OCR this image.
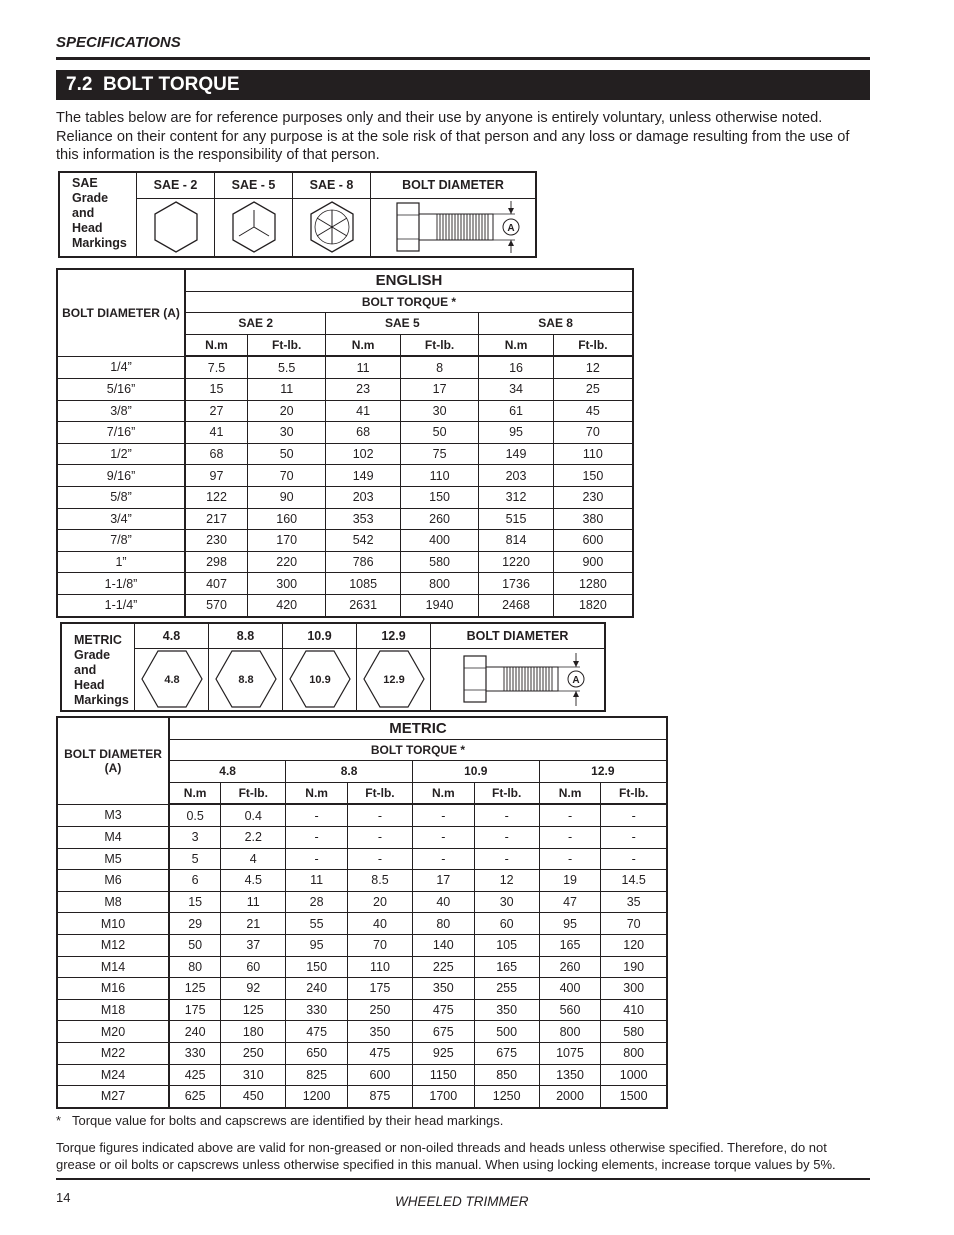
SPECIFICATIONS
7.2  BOLT TORQUE
The tables below are for reference purposes only and their use by anyone is entirely voluntary, unless otherwise noted. Reliance on their content for any purpose is at the sole risk of that person and any loss or damage resulting from the use of this information is the responsibility of that person.
SAE
Grade
and
Head
Markings	SAE - 2	SAE - 5	SAE - 8	BOLT DIAMETER

A
BOLT DIAMETER (A)	ENGLISH					
	BOLT TORQUE *					
	SAE 2		SAE 5		SAE 8	
	N.m	Ft-lb.	N.m	Ft-lb.	N.m	Ft-lb.
1/4”	7.5	5.5	11	8	16	12
5/16”	15	11	23	17	34	25
3/8”	27	20	41	30	61	45
7/16”	41	30	68	50	95	70
1/2”	68	50	102	75	149	110
9/16”	97	70	149	110	203	150
5/8”	122	90	203	150	312	230
3/4”	217	160	353	260	515	380
7/8”	230	170	542	400	814	600
1”	298	220	786	580	1220	900
1-1/8”	407	300	1085	800	1736	1280
1-1/4”	570	420	2631	1940	2468	1820
METRIC
Grade
and
Head
Markings	4.8	8.8	10.9	12.9	BOLT DIAMETER

4.8	8.8	10.9	12.9	A
BOLT DIAMETER (A)	METRIC							
	BOLT TORQUE *							
	4.8		8.8		10.9		12.9	
	N.m	Ft-lb.	N.m	Ft-lb.	N.m	Ft-lb.	N.m	Ft-lb.
M3	0.5	0.4	-	-	-	-	-	-
M4	3	2.2	-	-	-	-	-	-
M5	5	4	-	-	-	-	-	-
M6	6	4.5	11	8.5	17	12	19	14.5
M8	15	11	28	20	40	30	47	35
M10	29	21	55	40	80	60	95	70
M12	50	37	95	70	140	105	165	120
M14	80	60	150	110	225	165	260	190
M16	125	92	240	175	350	255	400	300
M18	175	125	330	250	475	350	560	410
M20	240	180	475	350	675	500	800	580
M22	330	250	650	475	925	675	1075	800
M24	425	310	825	600	1150	850	1350	1000
M27	625	450	1200	875	1700	1250	2000	1500
* Torque value for bolts and capscrews are identified by their head markings.
Torque figures indicated above are valid for non-greased or non-oiled threads and heads unless otherwise specified. Therefore, do not grease or oil bolts or capscrews unless otherwise specified in this manual. When using locking elements, increase torque values by 5%.
14	WHEELED TRIMMER
